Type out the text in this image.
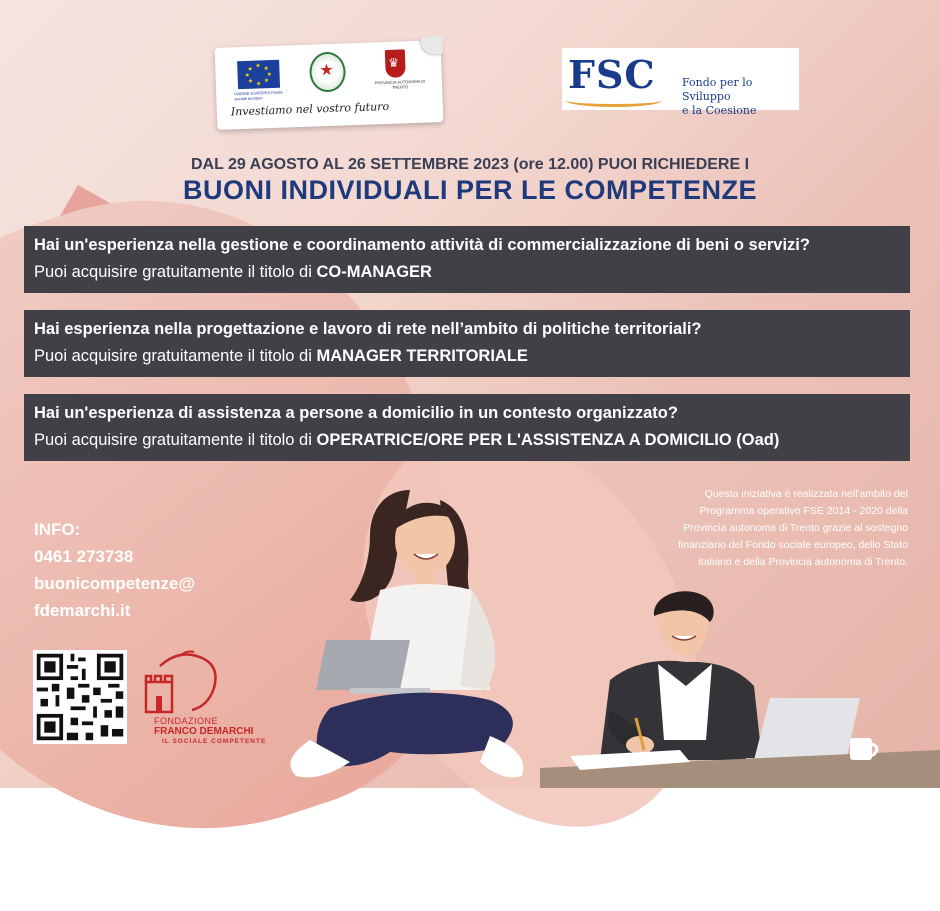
★ ★
★
★
★
★
★
★
UNIONE EUROPEA Fondo sociale europeo
★
♛
PROVINCIA AUTONOMA DI TRENTO
Investiamo nel vostro futuro
FSC Fondo per lo Sviluppo
e la Coesione
DAL 29 AGOSTO AL 26 SETTEMBRE 2023 (ore 12.00) PUOI RICHIEDERE I
BUONI INDIVIDUALI PER LE COMPETENZE
Hai un'esperienza nella gestione e coordinamento attività di commercializzazione di beni o servizi?
Puoi acquisire gratuitamente il titolo di CO-MANAGER
Hai esperienza nella progettazione e lavoro di rete nell’ambito di politiche territoriali?
Puoi acquisire gratuitamente il titolo di MANAGER TERRITORIALE
Hai un'esperienza di assistenza a persone a domicilio in un contesto organizzato?
Puoi acquisire gratuitamente il titolo di OPERATRICE/ORE PER L'ASSISTENZA A DOMICILIO (Oad)
INFO:
0461 273738
buonicompetenze@
fdemarchi.it
Questa iniziativa è realizzata nell'ambito del
Programma operativo FSE 2014 - 2020 della
Provincia autonoma di Trento grazie al sostegno
finanziario del Fondo sociale europeo, dello Stato
italiano e della Provincia autonoma di Trento.
FONDAZIONE
FRANCO DEMARCHI
IL SOCIALE COMPETENTE
